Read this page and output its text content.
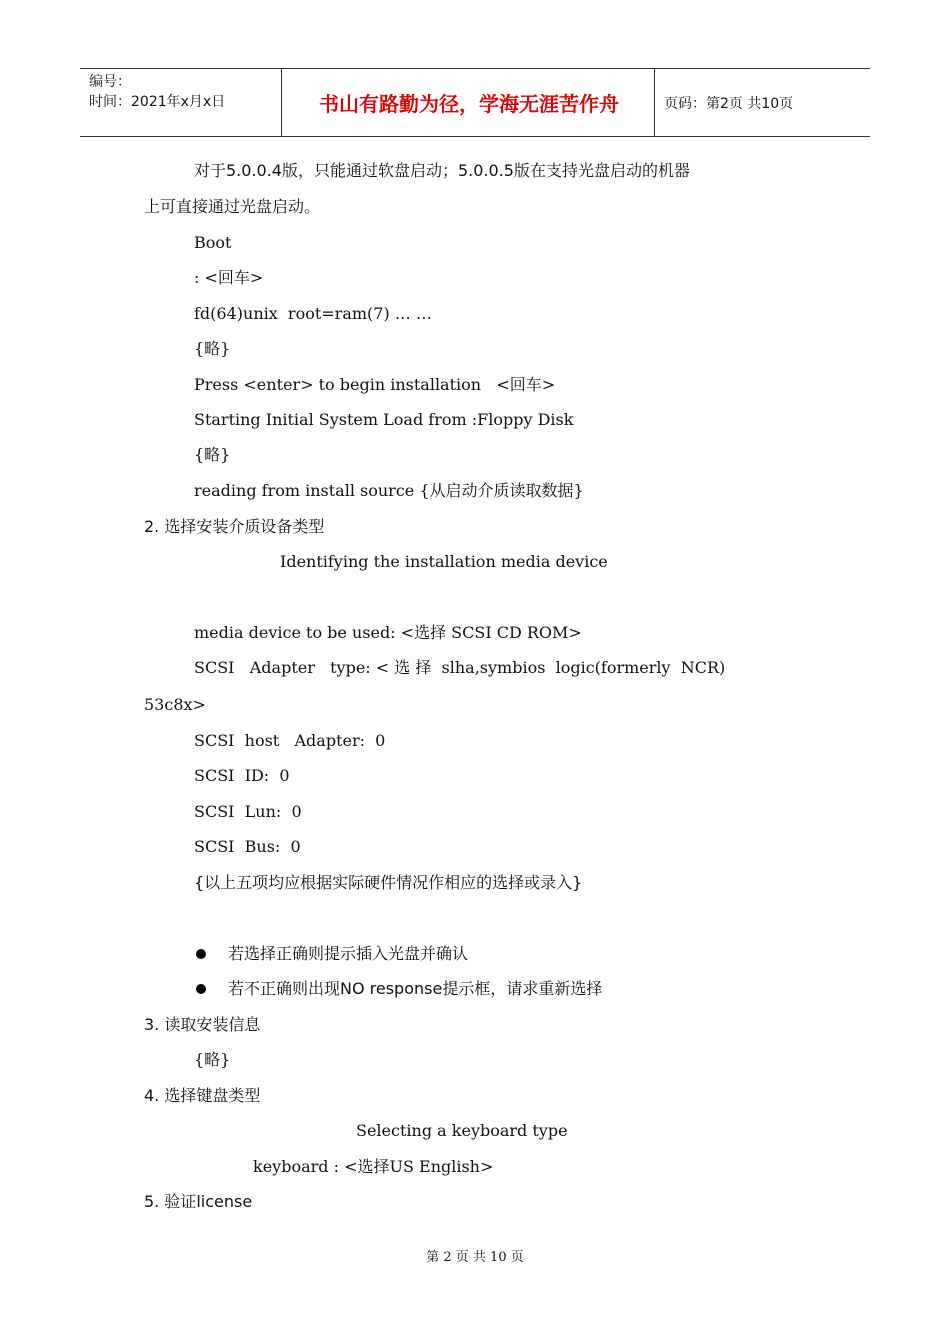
编号：
时间：2021年x月x日	书山有路勤为径，学海无涯苦作舟	页码：第2页 共10页
对于5.0.0.4版，只能通过软盘启动；5.0.0.5版在支持光盘启动的机器
上可直接通过光盘启动。
Boot
: <回车>
fd(64)unix  root=ram(7) … …
{略}
Press <enter> to begin installation   <回车>
Starting Initial System Load from :Floppy Disk
{略}
reading from install source {从启动介质读取数据}
2. 选择安装介质设备类型
Identifying the installation media device
media device to be used: <选择 SCSI CD ROM>
SCSI   Adapter   type: < 选 择  slha,symbios  logic(formerly  NCR)
53c8x>
SCSI  host   Adapter:  0
SCSI  ID:  0
SCSI  Lun:  0
SCSI  Bus:  0
{以上五项均应根据实际硬件情况作相应的选择或录入}
若选择正确则提示插入光盘并确认
若不正确则出现NO response提示框，请求重新选择
3. 读取安装信息
{略}
4. 选择键盘类型
Selecting a keyboard type
keyboard : <选择US English>
5. 验证license
第 2 页 共 10 页
